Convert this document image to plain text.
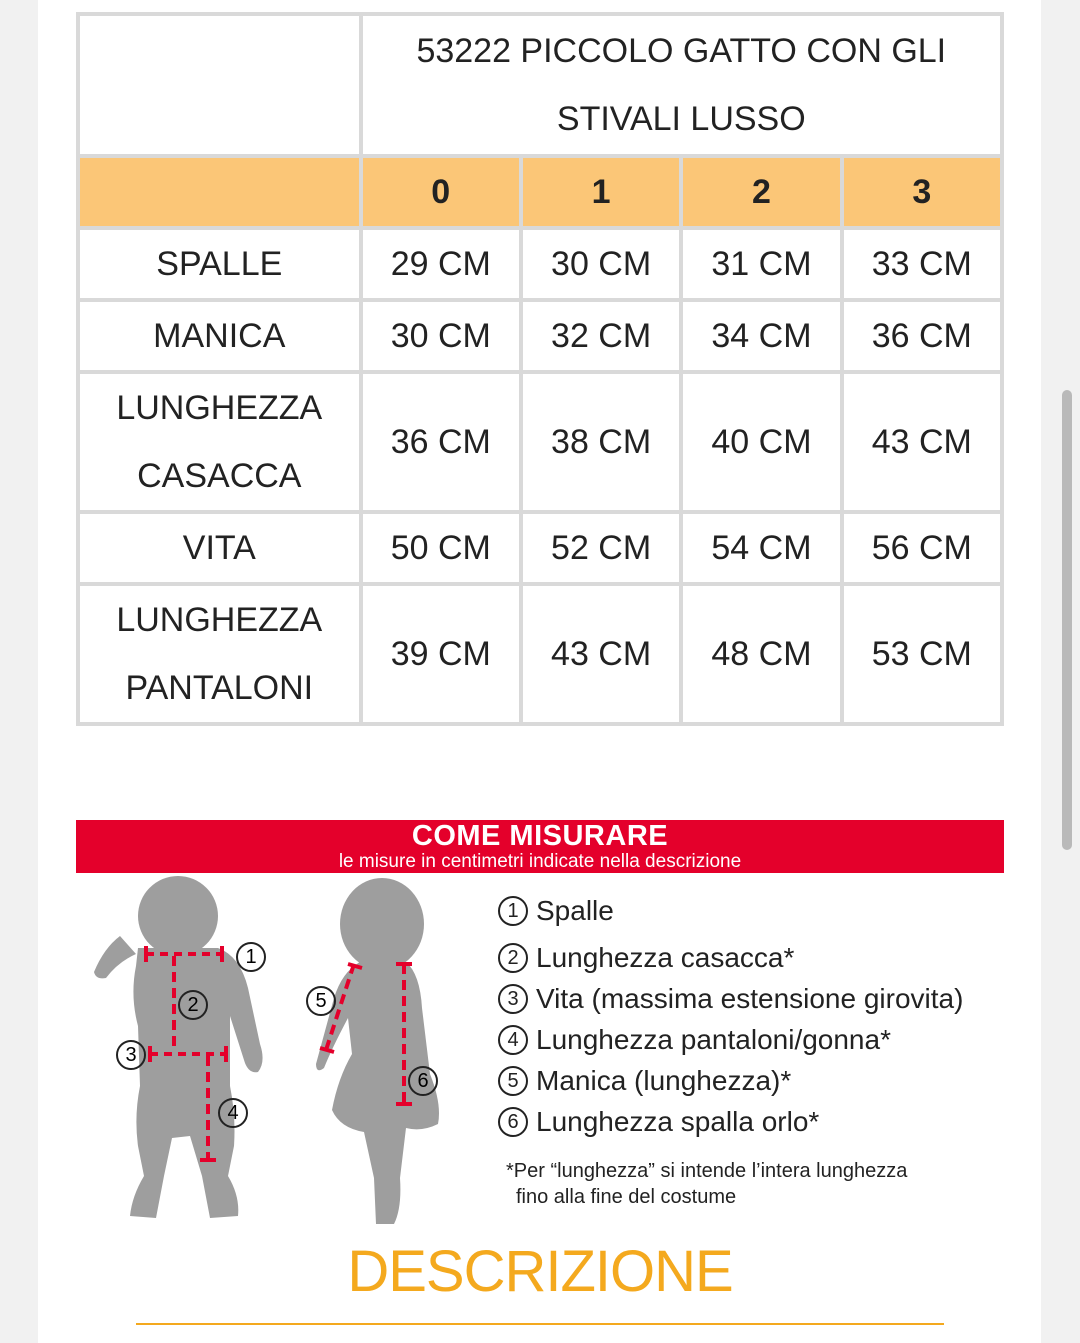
	53222 PICCOLO GATTO CON GLI
STIVALI LUSSO			

	0	1	2	3

SPALLE	29 CM	30 CM	31 CM	33 CM

MANICA	30 CM	32 CM	34 CM	36 CM

LUNGHEZZA
CASACCA	36 CM	38 CM	40 CM	43 CM

VITA	50 CM	52 CM	54 CM	56 CM

LUNGHEZZA
PANTALONI	39 CM	43 CM	48 CM	53 CM
COME MISURARE
le misure in centimetri indicate nella descrizione
1
2
3
4
5
6
1 Spalle
2 Lunghezza casacca*
3 Vita (massima estensione girovita)
4 Lunghezza pantaloni/gonna*
5 Manica (lunghezza)*
6 Lunghezza spalla orlo*
*Per “lunghezza” si intende l’intera lunghezza
fino alla fine del costume
DESCRIZIONE
